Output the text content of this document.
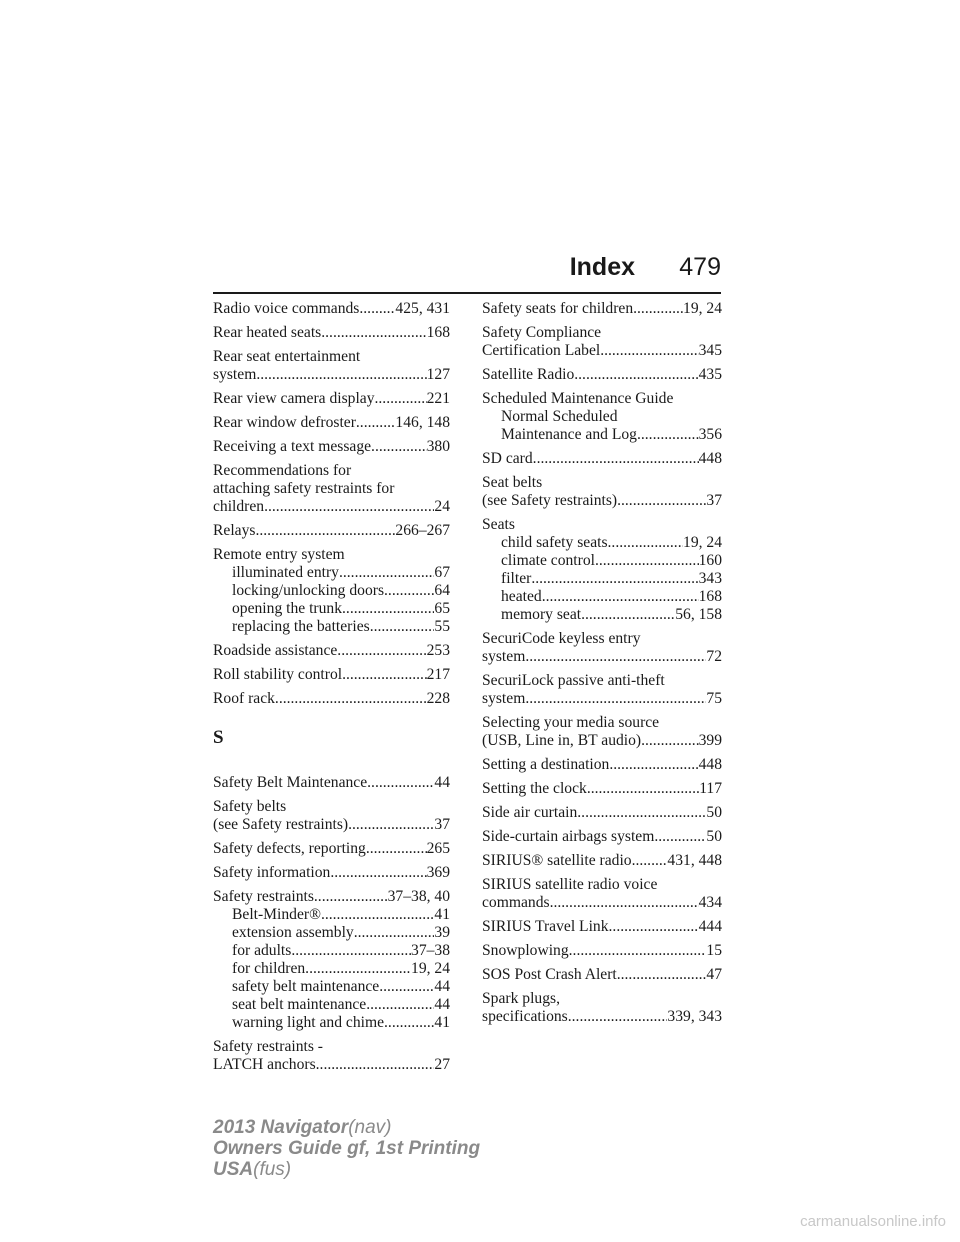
Index 479
Radio voice commands ..... 425, 431
Rear heated seats .....	168
Rear seat entertainment
system .....	127
Rear view camera display .....	221
Rear window defroster .....	146, 148
Receiving a text message .....	380
Recommendations for
attaching safety restraints for
children .....	24
Relays .....	266–267
Remote entry system
illuminated entry .....	67
locking/unlocking doors .....	64
opening the trunk .....	65
replacing the batteries .....	55
Roadside assistance .....	253
Roll stability control .....	217
Roof rack .....	228
S
Safety Belt Maintenance .....	44
Safety belts
(see Safety restraints) .....	37
Safety defects, reporting .....	265
Safety information .....	369
Safety restraints .....	37–38, 40
Belt-Minder® .....	41
extension assembly .....	39
for adults .....	37–38
for children .....	19, 24
safety belt maintenance .....	44
seat belt maintenance .....	44
warning light and chime .....	41
Safety restraints -
LATCH anchors .....	27
Safety seats for children .....	19, 24
Safety Compliance
Certification Label .....	345
Satellite Radio .....	435
Scheduled Maintenance Guide
Normal Scheduled
Maintenance and Log .....	356
SD card .....	448
Seat belts
(see Safety restraints) .....	37
Seats
child safety seats .....	19, 24
climate control .....	160
filter .....	343
heated .....	168
memory seat .....	56, 158
SecuriCode keyless entry
system .....	72
SecuriLock passive anti-theft
system .....	75
Selecting your media source
(USB, Line in, BT audio) .....	399
Setting a destination .....	448
Setting the clock .....	117
Side air curtain .....	50
Side-curtain airbags system .....	50
SIRIUS® satellite radio ..... 431, 448
SIRIUS satellite radio voice
commands .....	434
SIRIUS Travel Link .....	444
Snowplowing .....	15
SOS Post Crash Alert .....	47
Spark plugs,
specifications .....	339, 343
2013 Navigator(nav)
Owners Guide gf, 1st Printing
USA(fus)
carmanualsonline.info
